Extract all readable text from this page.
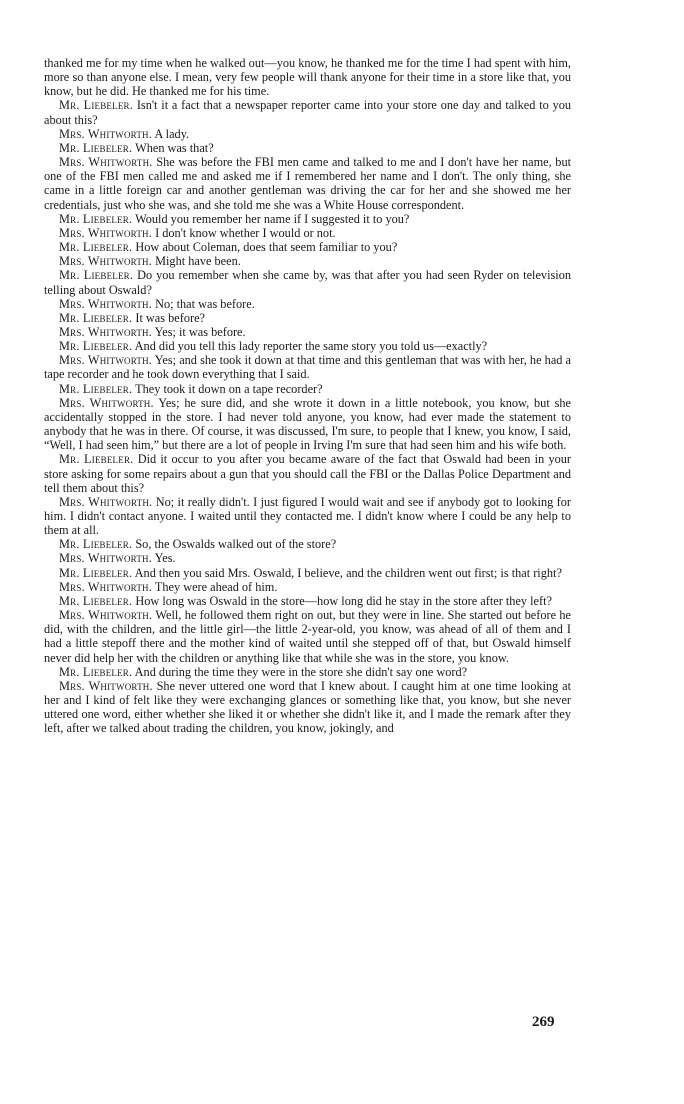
thanked me for my time when he walked out—you know, he thanked me for the time I had spent with him, more so than anyone else. I mean, very few people will thank anyone for their time in a store like that, you know, but he did. He thanked me for his time.

Mr. Liebeler. Isn't it a fact that a newspaper reporter came into your store one day and talked to you about this?

Mrs. Whitworth. A lady.

Mr. Liebeler. When was that?

Mrs. Whitworth. She was before the FBI men came and talked to me and I don't have her name, but one of the FBI men called me and asked me if I remembered her name and I don't. The only thing, she came in a little foreign car and another gentleman was driving the car for her and she showed me her credentials, just who she was, and she told me she was a White House correspondent.

Mr. Liebeler. Would you remember her name if I suggested it to you?

Mrs. Whitworth. I don't know whether I would or not.

Mr. Liebeler. How about Coleman, does that seem familiar to you?

Mrs. Whitworth. Might have been.

Mr. Liebeler. Do you remember when she came by, was that after you had seen Ryder on television telling about Oswald?

Mrs. Whitworth. No; that was before.

Mr. Liebeler. It was before?

Mrs. Whitworth. Yes; it was before.

Mr. Liebeler. And did you tell this lady reporter the same story you told us—exactly?

Mrs. Whitworth. Yes; and she took it down at that time and this gentleman that was with her, he had a tape recorder and he took down everything that I said.

Mr. Liebeler. They took it down on a tape recorder?

Mrs. Whitworth. Yes; he sure did, and she wrote it down in a little notebook, you know, but she accidentally stopped in the store. I had never told anyone, you know, had ever made the statement to anybody that he was in there. Of course, it was discussed, I'm sure, to people that I knew, you know, I said, “Well, I had seen him,” but there are a lot of people in Irving I'm sure that had seen him and his wife both.

Mr. Liebeler. Did it occur to you after you became aware of the fact that Oswald had been in your store asking for some repairs about a gun that you should call the FBI or the Dallas Police Department and tell them about this?

Mrs. Whitworth. No; it really didn't. I just figured I would wait and see if anybody got to looking for him. I didn't contact anyone. I waited until they contacted me. I didn't know where I could be any help to them at all.

Mr. Liebeler. So, the Oswalds walked out of the store?

Mrs. Whitworth. Yes.

Mr. Liebeler. And then you said Mrs. Oswald, I believe, and the children went out first; is that right?

Mrs. Whitworth. They were ahead of him.

Mr. Liebeler. How long was Oswald in the store—how long did he stay in the store after they left?

Mrs. Whitworth. Well, he followed them right on out, but they were in line. She started out before he did, with the children, and the little girl—the little 2-year-old, you know, was ahead of all of them and I had a little stepoff there and the mother kind of waited until she stepped off of that, but Oswald himself never did help her with the children or anything like that while she was in the store, you know.

Mr. Liebeler. And during the time they were in the store she didn't say one word?

Mrs. Whitworth. She never uttered one word that I knew about. I caught him at one time looking at her and I kind of felt like they were exchanging glances or something like that, you know, but she never uttered one word, either whether she liked it or whether she didn't like it, and I made the remark after they left, after we talked about trading the children, you know, jokingly, and

269
